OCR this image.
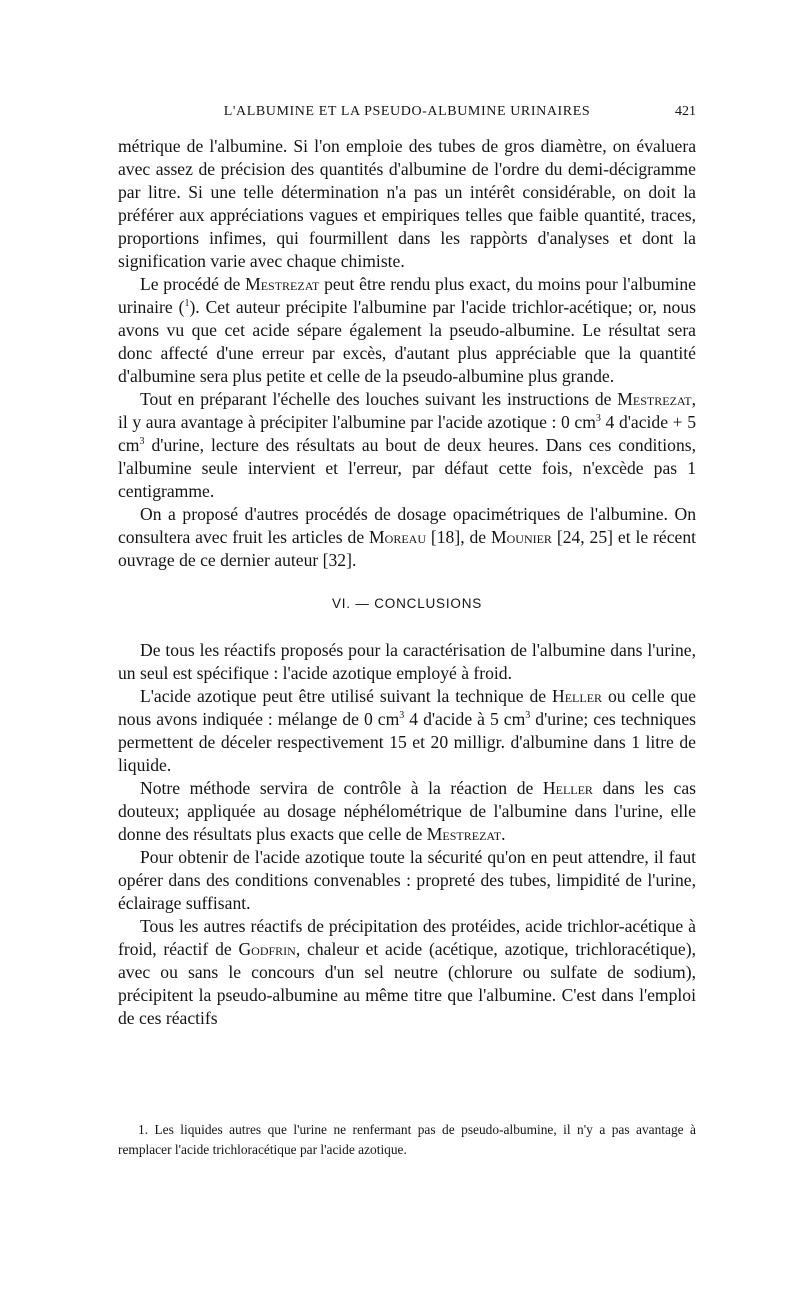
L'ALBUMINE ET LA PSEUDO-ALBUMINE URINAIRES	421

métrique de l'albumine. Si l'on emploie des tubes de gros diamètre, on évaluera avec assez de précision des quantités d'albumine de l'ordre du demi-décigramme par litre. Si une telle détermination n'a pas un intérêt considérable, on doit la préférer aux appréciations vagues et empiriques telles que faible quantité, traces, proportions infimes, qui fourmillent dans les rappòrts d'analyses et dont la signification varie avec chaque chimiste.

Le procédé de Mestrezat peut être rendu plus exact, du moins pour l'albumine urinaire ($^1$). Cet auteur précipite l'albumine par l'acide trichlor-acétique; or, nous avons vu que cet acide sépare également la pseudo-albumine. Le résultat sera donc affecté d'une erreur par excès, d'autant plus appréciable que la quantité d'albumine sera plus petite et celle de la pseudo-albumine plus grande.

Tout en préparant l'échelle des louches suivant les instructions de Mestrezat, il y aura avantage à précipiter l'albumine par l'acide azotique : 0 $cm^3$ 4 d'acide + 5 $cm^3$ d'urine, lecture des résultats au bout de deux heures. Dans ces conditions, l'albumine seule intervient et l'erreur, par défaut cette fois, n'excède pas 1 centigramme.

On a proposé d'autres procédés de dosage opacimétriques de l'albumine. On consultera avec fruit les articles de Moreau [18], de Mounier [24, 25] et le récent ouvrage de ce dernier auteur [32].

VI. — CONCLUSIONS

De tous les réactifs proposés pour la caractérisation de l'albumine dans l'urine, un seul est spécifique : l'acide azotique employé à froid.

L'acide azotique peut être utilisé suivant la technique de Heller ou celle que nous avons indiquée : mélange de 0 $cm^3$ 4 d'acide à 5 $cm^3$ d'urine; ces techniques permettent de déceler respectivement 15 et 20 milligr. d'albumine dans 1 litre de liquide.

Notre méthode servira de contrôle à la réaction de Heller dans les cas douteux; appliquée au dosage néphélométrique de l'albumine dans l'urine, elle donne des résultats plus exacts que celle de Mestrezat.

Pour obtenir de l'acide azotique toute la sécurité qu'on en peut attendre, il faut opérer dans des conditions convenables : propreté des tubes, limpidité de l'urine, éclairage suffisant.

Tous les autres réactifs de précipitation des protéides, acide trichlor-acétique à froid, réactif de Godfrin, chaleur et acide (acétique, azotique, trichloracétique), avec ou sans le concours d'un sel neutre (chlorure ou sulfate de sodium), précipitent la pseudo-albumine au même titre que l'albumine. C'est dans l'emploi de ces réactifs

1. Les liquides autres que l'urine ne renfermant pas de pseudo-albumine, il n'y a pas avantage à remplacer l'acide trichloracétique par l'acide azotique.
